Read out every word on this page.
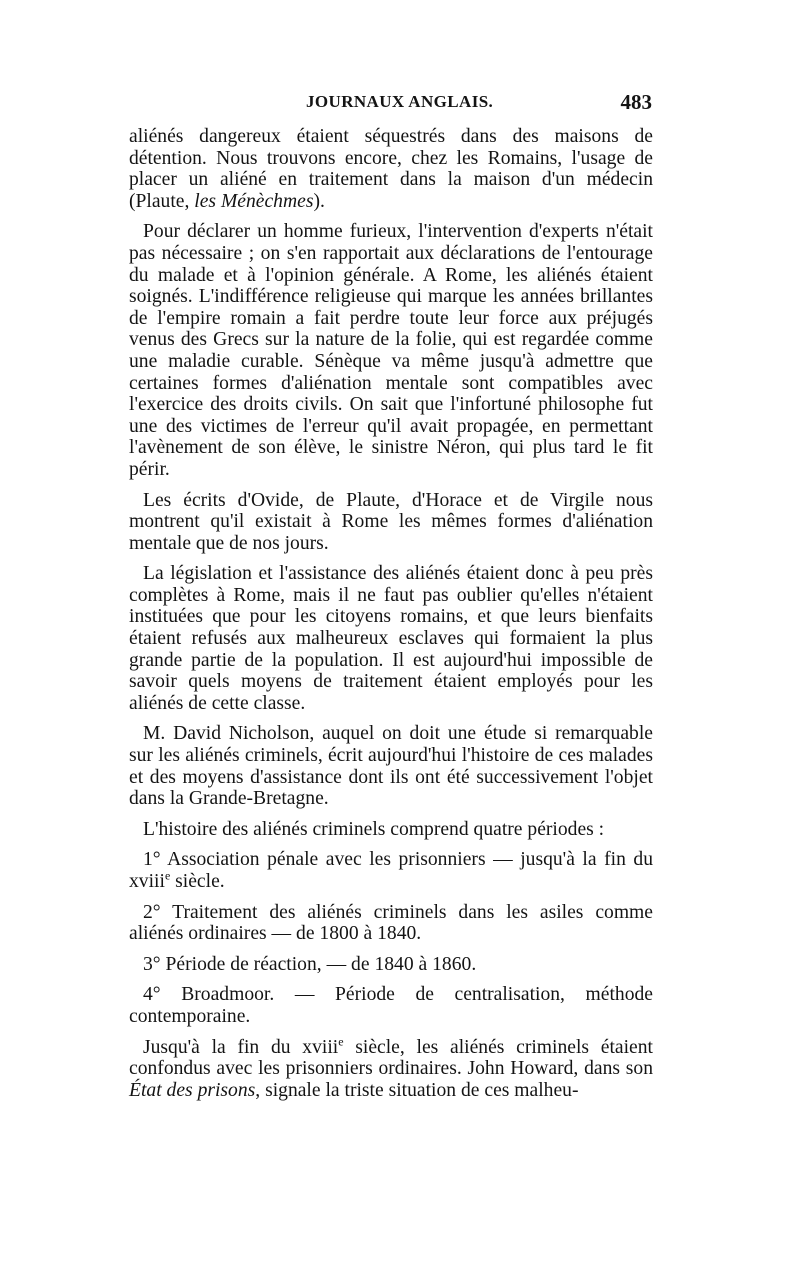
JOURNAUX ANGLAIS.	483

aliénés dangereux étaient séquestrés dans des maisons de détention. Nous trouvons encore, chez les Romains, l'usage de placer un aliéné en traitement dans la maison d'un médecin (Plaute, les Ménèchmes).

Pour déclarer un homme furieux, l'intervention d'experts n'était pas nécessaire ; on s'en rapportait aux déclarations de l'entourage du malade et à l'opinion générale. A Rome, les aliénés étaient soignés. L'indifférence religieuse qui marque les années brillantes de l'empire romain a fait perdre toute leur force aux préjugés venus des Grecs sur la nature de la folie, qui est regardée comme une maladie curable. Sénèque va même jusqu'à admettre que certaines formes d'aliénation mentale sont compatibles avec l'exercice des droits civils. On sait que l'infortuné philosophe fut une des victimes de l'erreur qu'il avait propagée, en permettant l'avènement de son élève, le sinistre Néron, qui plus tard le fit périr.

Les écrits d'Ovide, de Plaute, d'Horace et de Virgile nous montrent qu'il existait à Rome les mêmes formes d'aliénation mentale que de nos jours.

La législation et l'assistance des aliénés étaient donc à peu près complètes à Rome, mais il ne faut pas oublier qu'elles n'étaient instituées que pour les citoyens romains, et que leurs bienfaits étaient refusés aux malheureux esclaves qui formaient la plus grande partie de la population. Il est aujourd'hui impossible de savoir quels moyens de traitement étaient employés pour les aliénés de cette classe.

M. David Nicholson, auquel on doit une étude si remarquable sur les aliénés criminels, écrit aujourd'hui l'histoire de ces malades et des moyens d'assistance dont ils ont été successivement l'objet dans la Grande-Bretagne.

L'histoire des aliénés criminels comprend quatre périodes :

1° Association pénale avec les prisonniers — jusqu'à la fin du xviii$^e$ siècle.

2° Traitement des aliénés criminels dans les asiles comme aliénés ordinaires — de 1800 à 1840.

3° Période de réaction, — de 1840 à 1860.

4° Broadmoor. — Période de centralisation, méthode contemporaine.

Jusqu'à la fin du xviii$^e$ siècle, les aliénés criminels étaient confondus avec les prisonniers ordinaires. John Howard, dans son État des prisons, signale la triste situation de ces malheu-
